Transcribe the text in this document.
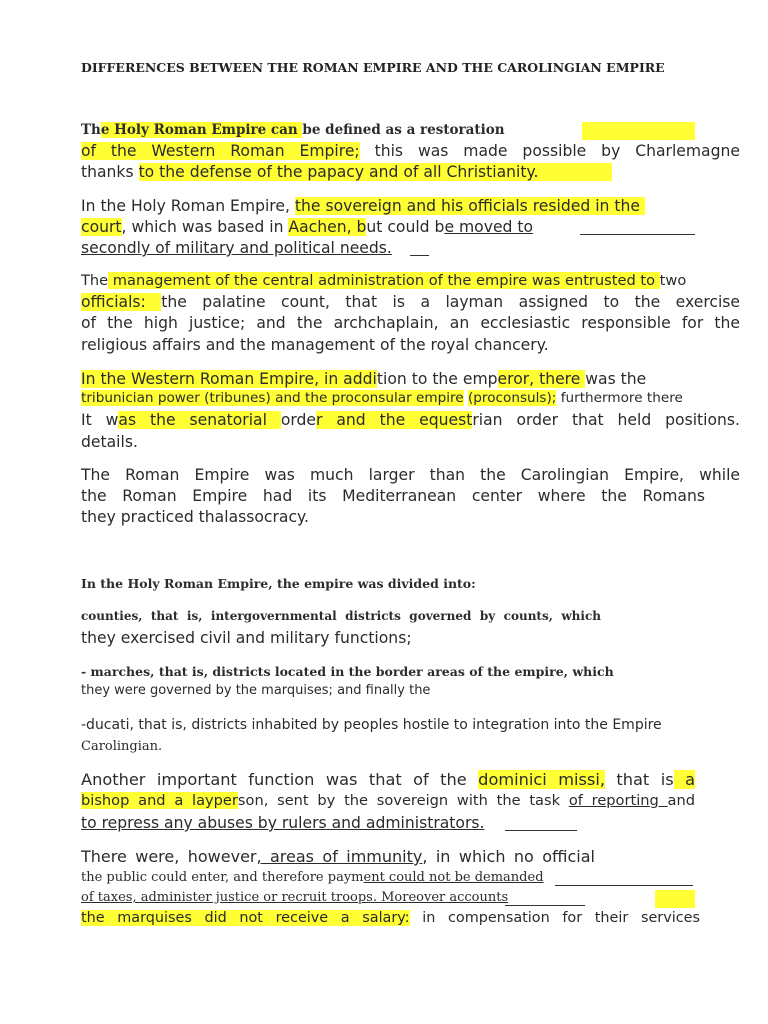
DIFFERENCES BETWEEN THE ROMAN EMPIRE AND THE CAROLINGIAN EMPIRE
The Holy Roman Empire can be defined as a restoration
of the Western Roman Empire; this was made possible by Charlemagne
thanks to the defense of the papacy and of all Christianity.
In the Holy Roman Empire, the sovereign and his officials resided in the
court, which was based in Aachen, but could be moved to
secondly of military and political needs.
The management of the central administration of the empire was entrusted to two
officials: the palatine count, that is a layman assigned to the exercise
of the high justice; and the archchaplain, an ecclesiastic responsible for the
religious affairs and the management of the royal chancery.
In the Western Roman Empire, in addition to the emperor, there was the
tribunician power (tribunes) and the proconsular empire (proconsuls); furthermore there
It was the senatorial order and the equestrian order that held positions.
details.
The Roman Empire was much larger than the Carolingian Empire, while
the Roman Empire had its Mediterranean center where the Romans
they practiced thalassocracy.
In the Holy Roman Empire, the empire was divided into:
counties, that is, intergovernmental districts governed by counts, which
they exercised civil and military functions;
- marches, that is, districts located in the border areas of the empire, which
they were governed by the marquises; and finally the
-ducati, that is, districts inhabited by peoples hostile to integration into the Empire
Carolingian.
Another important function was that of the dominici missi, that is a
bishop and a layperson, sent by the sovereign with the task of reporting and
to repress any abuses by rulers and administrators.
There were, however, areas of immunity, in which no official
the public could enter, and therefore payment could not be demanded
of taxes, administer justice or recruit troops. Moreover accounts
the marquises did not receive a salary: in compensation for their services
